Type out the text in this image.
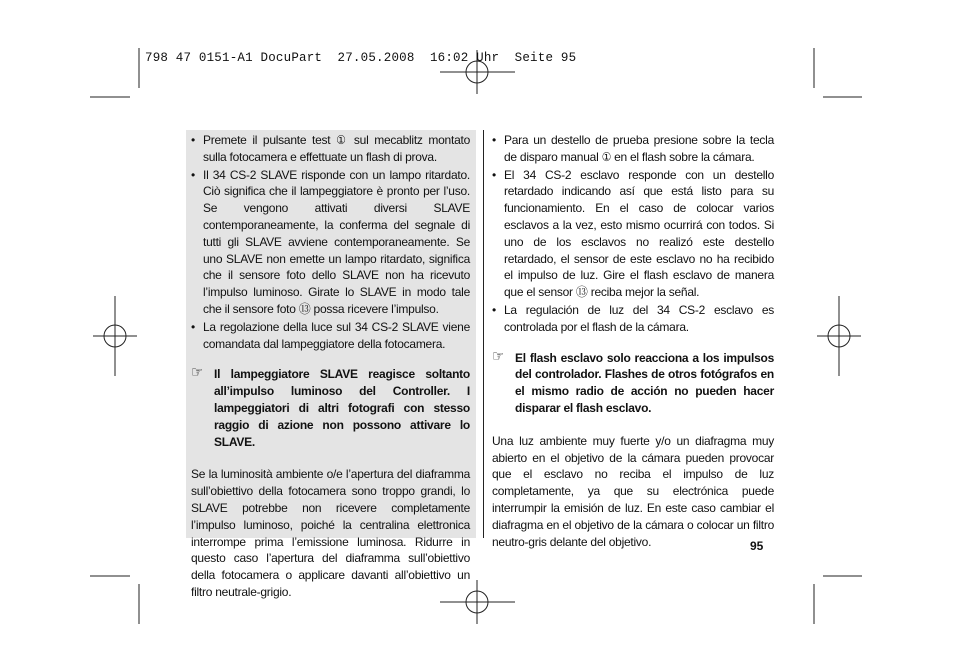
798 47 0151-A1 DocuPart  27.05.2008  16:02 Uhr  Seite 95

• Premete il pulsante test ① sul mecablitz montato sulla fotocamera e effettuate un flash di prova.

• Il 34 CS-2 SLAVE risponde con un lampo ritardato. Ciò significa che il lampeggiatore è pronto per l’uso. Se vengono attivati diversi SLAVE contemporaneamente, la conferma del segnale di tutti gli SLAVE avviene contemporaneamente. Se uno SLAVE non emette un lampo ritardato, significa che il sensore foto dello SLAVE non ha ricevuto l’impulso luminoso. Girate lo SLAVE in modo tale che il sensore foto ⑬ possa ricevere l’impulso.

• La regolazione della luce sul 34 CS-2 SLAVE viene comandata dal lampeggiatore della fotocamera.

☞ Il lampeggiatore SLAVE reagisce soltanto all’impulso luminoso del Controller. I lampeggiatori di altri fotografi con stesso raggio di azione non possono attivare lo SLAVE.

Se la luminosità ambiente o/e l’apertura del diaframma sull’obiettivo della fotocamera sono troppo grandi, lo SLAVE potrebbe non ricevere completamente l’impulso luminoso, poiché la centralina elettronica interrompe prima l’emissione luminosa. Ridurre in questo caso l’apertura del diaframma sull’obiettivo della fotocamera o applicare davanti all’obiettivo un filtro neutrale-grigio.

• Para un destello de prueba presione sobre la tecla de disparo manual ① en el flash sobre la cámara.

• El 34 CS-2 esclavo responde con un destello retardado indicando así que está listo para su funcionamiento. En el caso de colocar varios esclavos a la vez, esto mismo ocurrirá con todos. Si uno de los esclavos no realizó este destello retardado, el sensor de este esclavo no ha recibido el impulso de luz. Gire el flash esclavo de manera que el sensor ⑬ reciba mejor la señal.

• La regulación de luz del 34 CS-2 esclavo es controlada por el flash de la cámara.

☞ El flash esclavo solo reacciona a los impulsos del controlador. Flashes de otros fotógrafos en el mismo radio de acción no pueden hacer disparar el flash esclavo.

Una luz ambiente muy fuerte y/o un diafragma muy abierto en el objetivo de la cámara pueden provocar que el esclavo no reciba el impulso de luz completamente, ya que su electrónica puede interrumpir la emisión de luz. En este caso cambiar el diafragma en el objetivo de la cámara o colocar un filtro neutro-gris delante del objetivo.	95
